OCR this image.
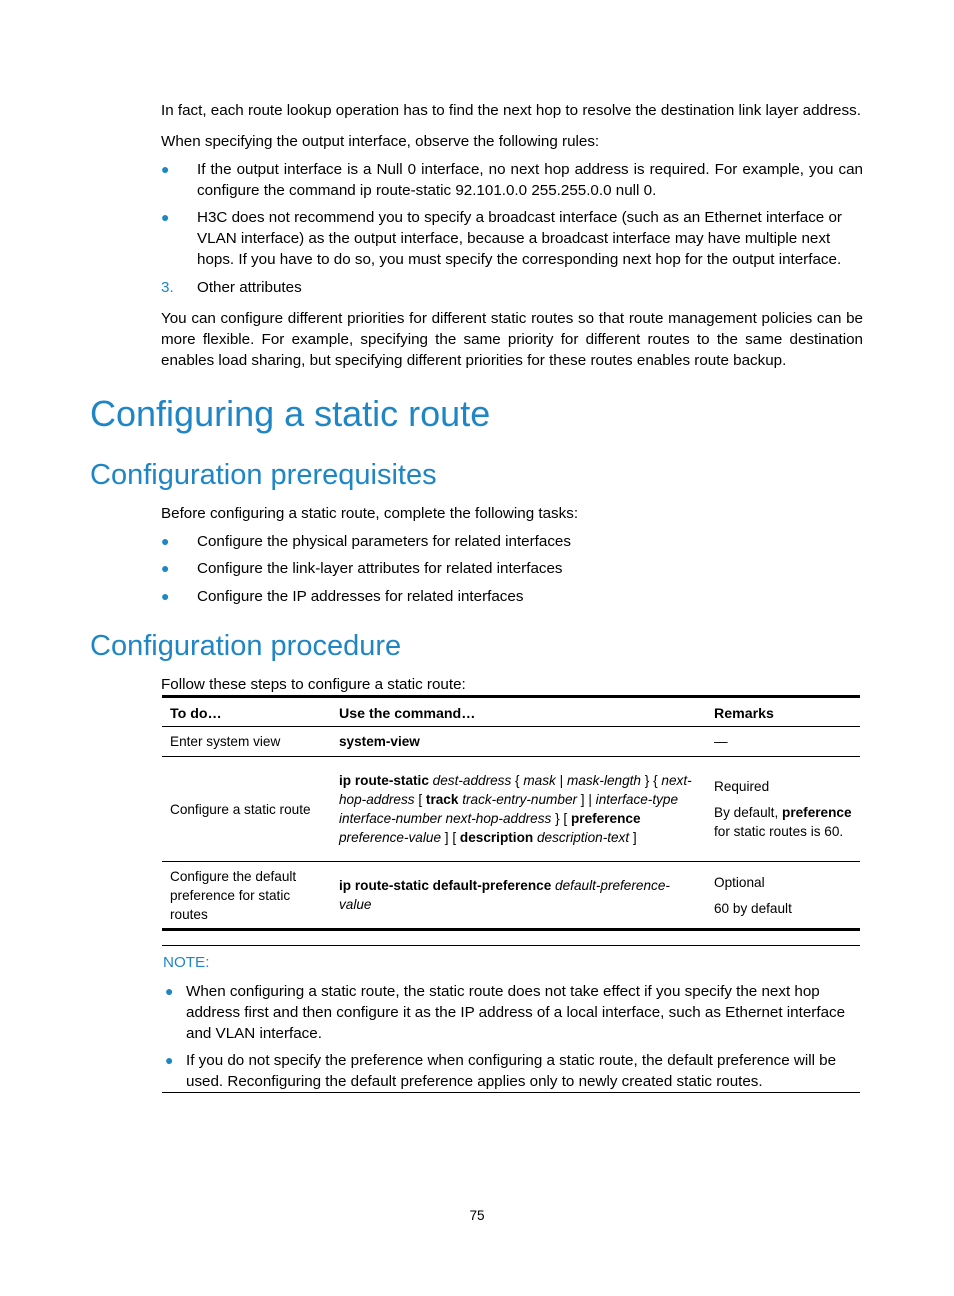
In fact, each route lookup operation has to find the next hop to resolve the destination link layer address.
When specifying the output interface, observe the following rules:
● If the output interface is a Null 0 interface, no next hop address is required. For example, you can configure the command ip route-static 92.101.0.0 255.255.0.0 null 0.
● H3C does not recommend you to specify a broadcast interface (such as an Ethernet interface or VLAN interface) as the output interface, because a broadcast interface may have multiple next hops. If you have to do so, you must specify the corresponding next hop for the output interface.
3. Other attributes
You can configure different priorities for different static routes so that route management policies can be more flexible. For example, specifying the same priority for different routes to the same destination enables load sharing, but specifying different priorities for these routes enables route backup.
Configuring a static route
Configuration prerequisites
Before configuring a static route, complete the following tasks:
● Configure the physical parameters for related interfaces
● Configure the link-layer attributes for related interfaces
● Configure the IP addresses for related interfaces
Configuration procedure
Follow these steps to configure a static route:
To do…	Use the command…	Remarks
Enter system view	system-view	—

Configure a static route	ip route-static dest-address { mask | mask-length } { next-hop-address [ track track-entry-number ] | interface-type interface-number next-hop-address } [ preference preference-value ] [ description description-text ]	Required

By default, preference for static routes is 60.

Configure the default preference for static routes	ip route-static default-preference default-preference-value	Optional

60 by default

NOTE:
● When configuring a static route, the static route does not take effect if you specify the next hop address first and then configure it as the IP address of a local interface, such as Ethernet interface and VLAN interface.
● If you do not specify the preference when configuring a static route, the default preference will be used. Reconfiguring the default preference applies only to newly created static routes.
75
